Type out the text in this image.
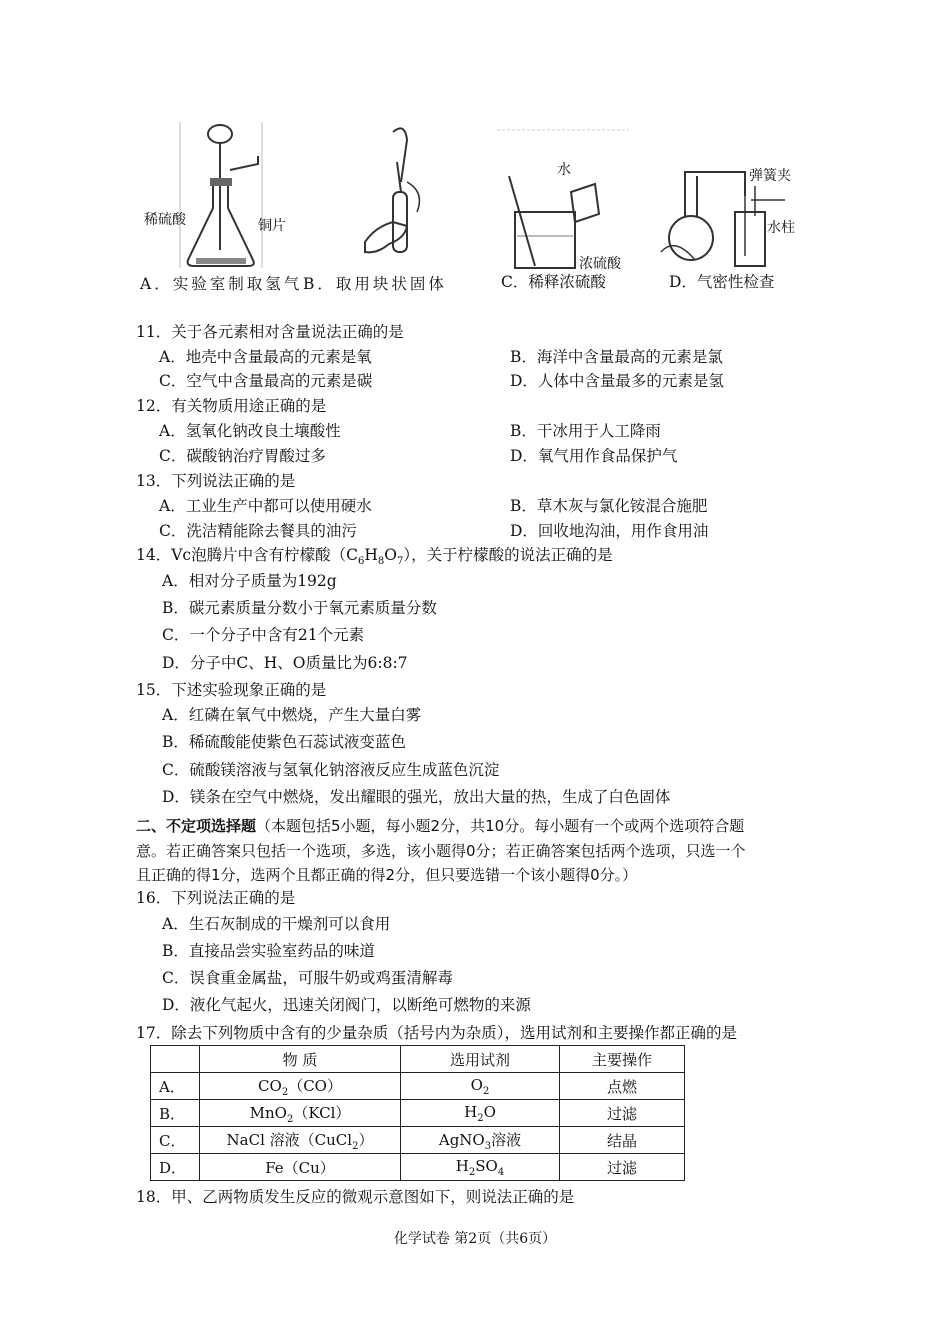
稀硫酸	铜片
水
浓硫酸
弹簧夹
水柱
A．实验室制取氢气 B．取用块状固体	C．稀释浓硫酸	D．气密性检查
11．关于各元素相对含量说法正确的是
A．地壳中含量最高的元素是氧	B．海洋中含量最高的元素是氯
C．空气中含量最高的元素是碳	D．人体中含量最多的元素是氢
12．有关物质用途正确的是
A．氢氧化钠改良土壤酸性	B．干冰用于人工降雨
C．碳酸钠治疗胃酸过多	D．氧气用作食品保护气
13．下列说法正确的是
A．工业生产中都可以使用硬水	B．草木灰与氯化铵混合施肥
C．洗洁精能除去餐具的油污	D．回收地沟油，用作食用油
14．Vc泡腾片中含有柠檬酸$(C_6H_8O_7)$，关于柠檬酸的说法正确的是
A．相对分子质量为192g
B．碳元素质量分数小于氧元素质量分数
C．一个分子中含有21个元素
D．分子中C、H、O质量比为6:8:7
15．下述实验现象正确的是
A．红磷在氧气中燃烧，产生大量白雾
B．稀硫酸能使紫色石蕊试液变蓝色
C．硫酸镁溶液与氢氧化钠溶液反应生成蓝色沉淀
D．镁条在空气中燃烧，发出耀眼的强光，放出大量的热，生成了白色固体
二、不定项选择题（本题包括5小题，每小题2分，共10分。每小题有一个或两个选项符合题
意。若正确答案只包括一个选项，多选，该小题得0分；若正确答案包括两个选项，只选一个
且正确的得1分，选两个且都正确的得2分，但只要选错一个该小题得0分。）
16．下列说法正确的是
A．生石灰制成的干燥剂可以食用
B．直接品尝实验室药品的味道
C．误食重金属盐，可服牛奶或鸡蛋清解毒
D．液化气起火，迅速关闭阀门，以断绝可燃物的来源
17．除去下列物质中含有的少量杂质（括号内为杂质），选用试剂和主要操作都正确的是
	物 质	选用试剂	主要操作
A．	$CO_2(CO)$	$O_2$	点燃
B．	MnO$_2$（KCl）	$H_2O$	过滤
C．	NaCl 溶液（CuCl$_2$）	AgNO$_3$溶液	结晶
D．	Fe（Cu）	$H_2SO_4$	过滤
18．甲、乙两物质发生反应的微观示意图如下，则说法正确的是
化学试卷 第2页（共6页）
